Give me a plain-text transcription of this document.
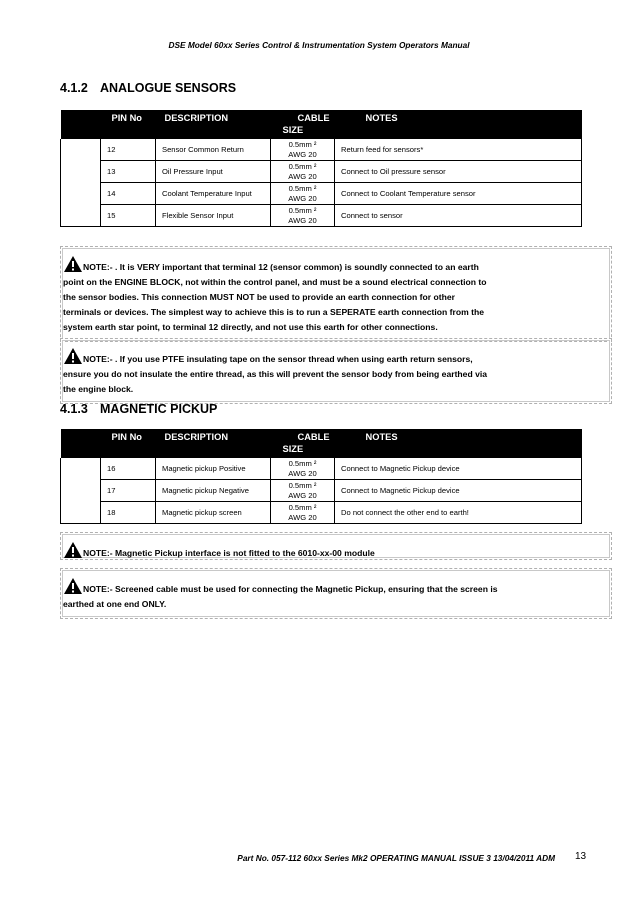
DSE Model 60xx Series Control & Instrumentation System Operators Manual
4.1.2 ANALOGUE SENSORS

	PIN No	DESCRIPTION	CABLE
SIZE	NOTES

	12	Sensor Common Return	0.5mm ²
AWG 20	Return feed for sensors*
	13	Oil Pressure Input	0.5mm ²
AWG 20	Connect to Oil pressure sensor
	14	Coolant Temperature Input	0.5mm ²
AWG 20	Connect to Coolant Temperature sensor
	15	Flexible Sensor Input	0.5mm ²
AWG 20	Connect to sensor

NOTE:- . It is VERY important that terminal 12 (sensor common) is soundly connected to an earth
point on the ENGINE BLOCK, not within the control panel, and must be a sound electrical connection to
the sensor bodies. This connection MUST NOT be used to provide an earth connection for other
terminals or devices. The simplest way to achieve this is to run a SEPERATE earth connection from the
system earth star point, to terminal 12 directly, and not use this earth for other connections.

NOTE:- . If you use PTFE insulating tape on the sensor thread when using earth return sensors,
ensure you do not insulate the entire thread, as this will prevent the sensor body from being earthed via
the engine block.

4.1.3 MAGNETIC PICKUP

	PIN No	DESCRIPTION	CABLE
SIZE	NOTES

	16	Magnetic pickup Positive	0.5mm ²
AWG 20	Connect to Magnetic Pickup device
	17	Magnetic pickup Negative	0.5mm ²
AWG 20	Connect to Magnetic Pickup device
	18	Magnetic pickup screen	0.5mm ²
AWG 20	Do not connect the other end to earth!

NOTE:- Magnetic Pickup interface is not fitted to the 6010-xx-00 module

NOTE:- Screened cable must be used for connecting the Magnetic Pickup, ensuring that the screen is
earthed at one end ONLY.

Part No. 057-112 60xx Series Mk2 OPERATING MANUAL ISSUE 3 13/04/2011 ADM 13
